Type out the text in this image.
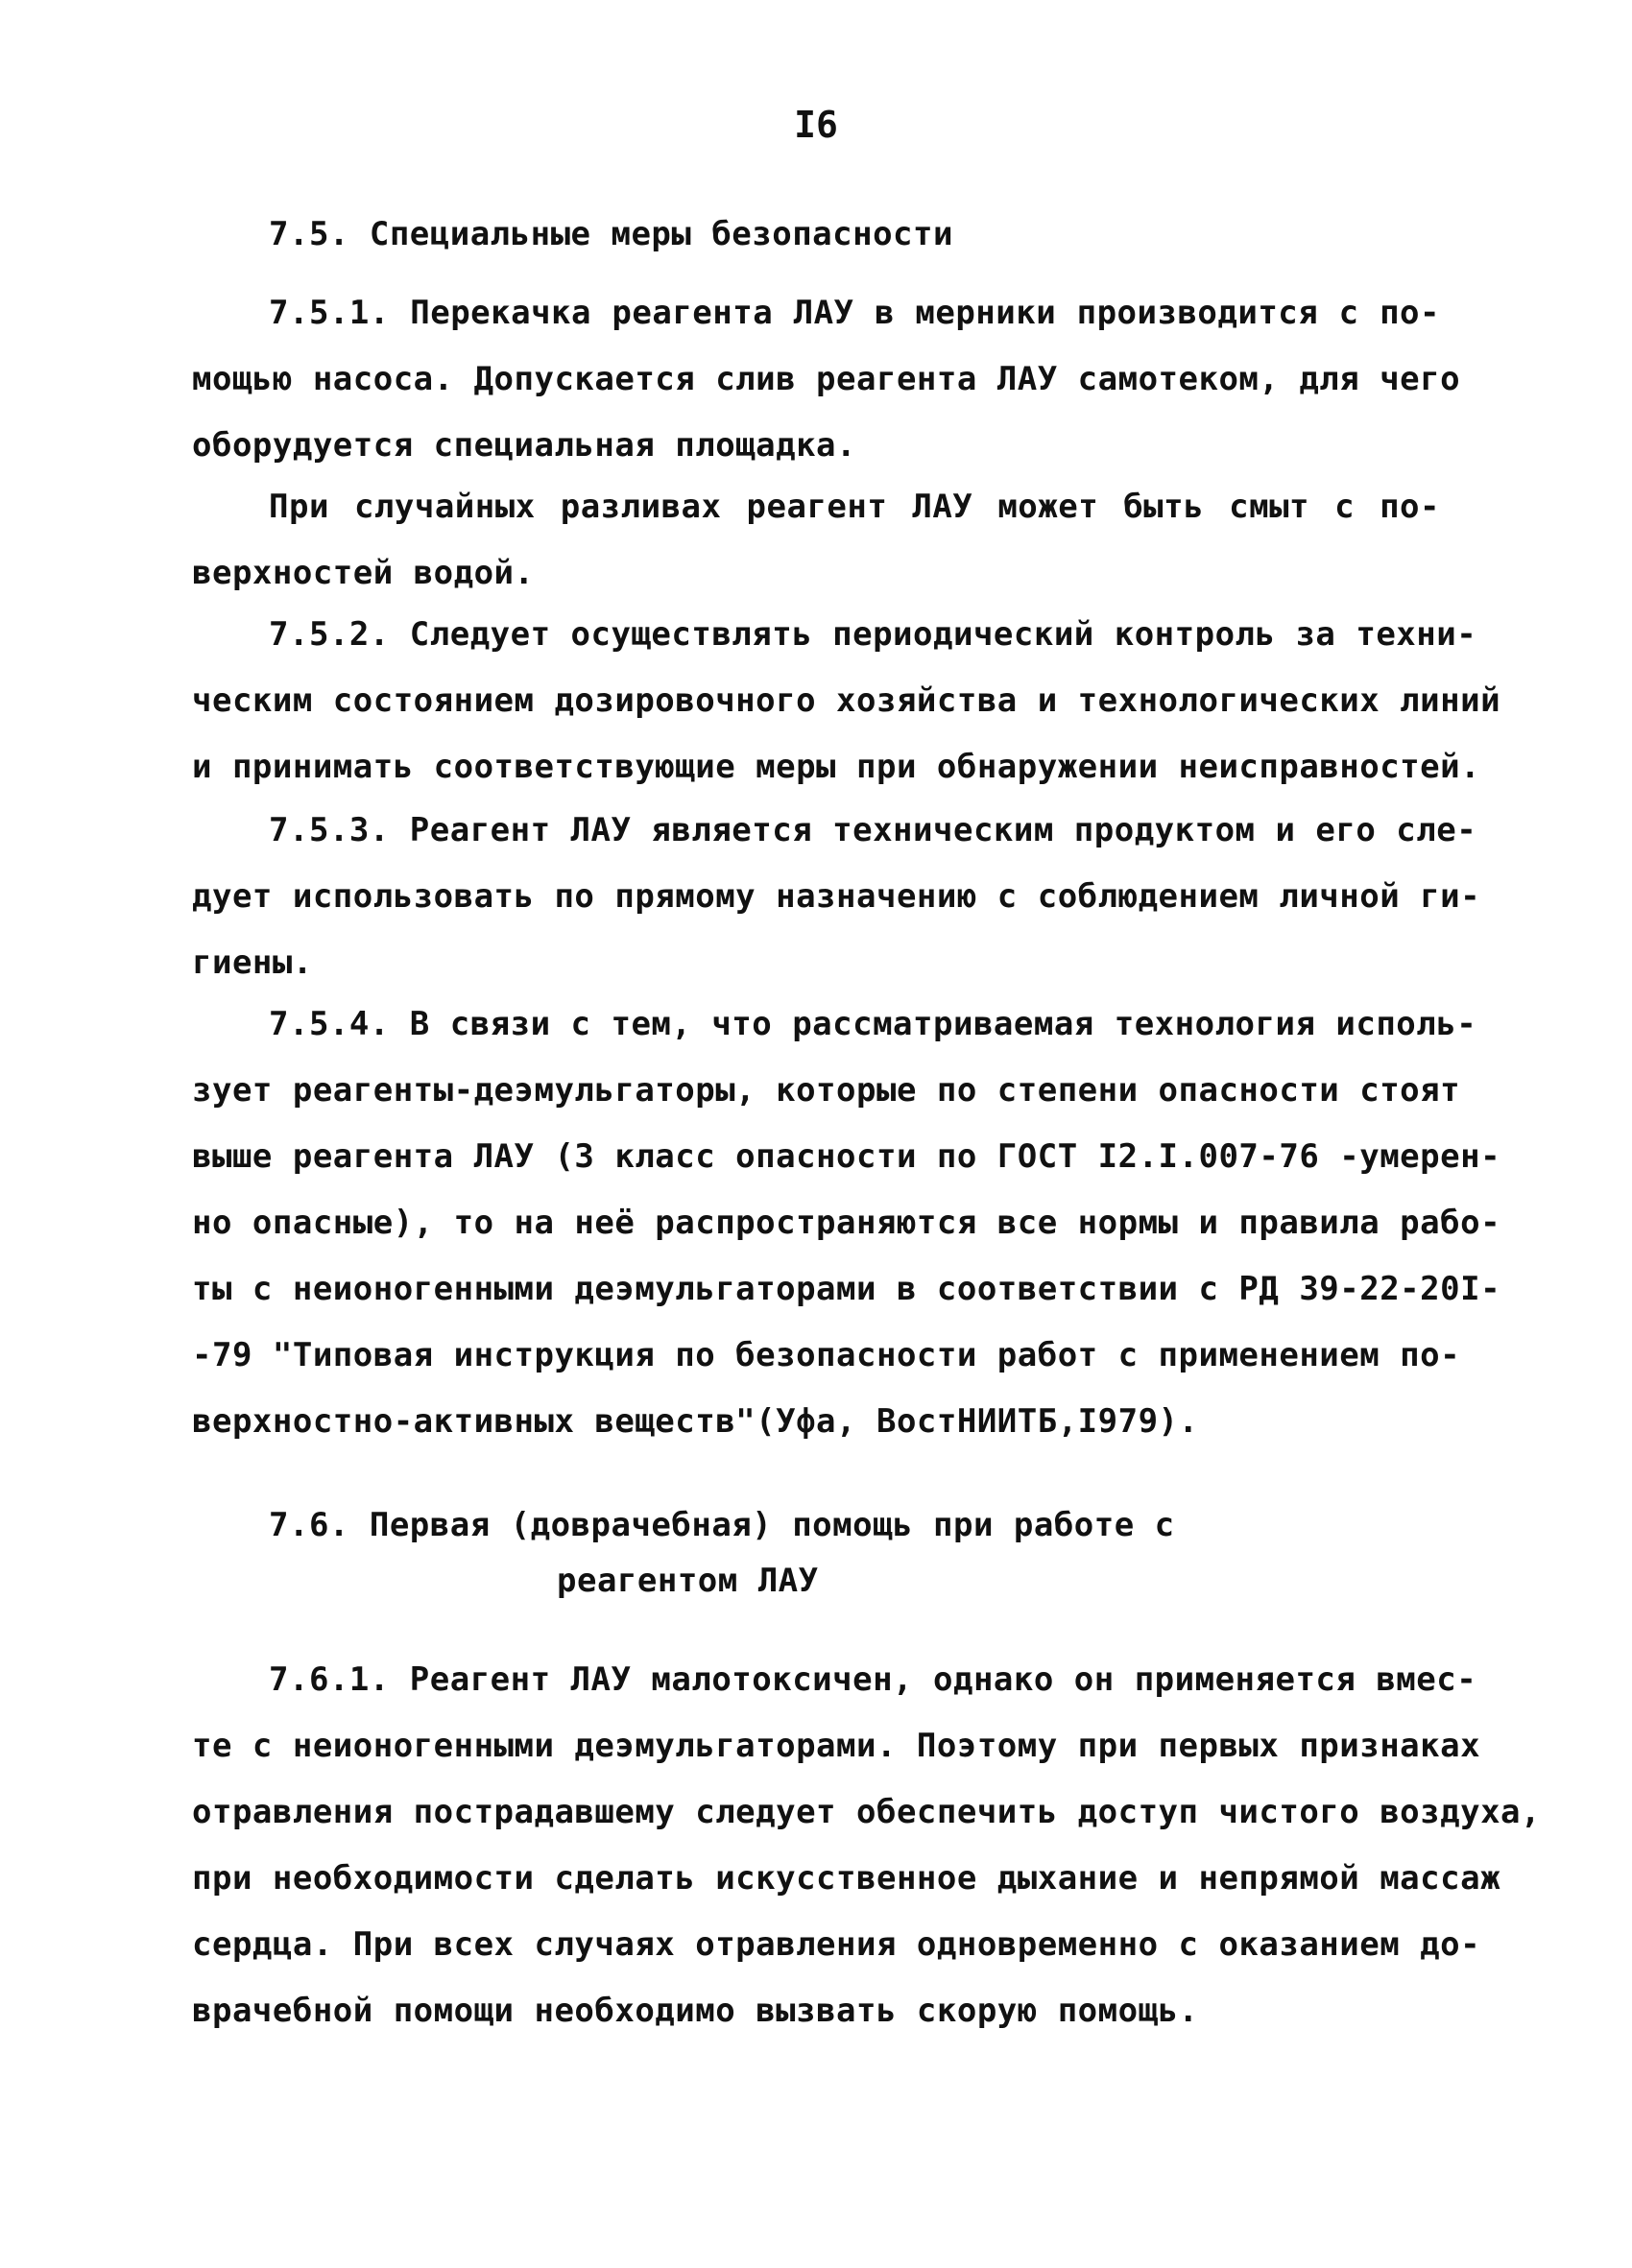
I6
7.5. Специальные меры безопасности
7.5.1. Перекачка реагента ЛАУ в мерники производится с по-
мощью насоса. Допускается слив реагента ЛАУ самотеком, для чего
оборудуется специальная площадка.
При случайных разливах реагент ЛАУ может быть смыт с по-
верхностей водой.
7.5.2. Следует осуществлять периодический контроль за техни-
ческим состоянием дозировочного хозяйства и технологических линий
и принимать соответствующие меры при обнаружении неисправностей.
7.5.3. Реагент ЛАУ является техническим продуктом и его сле-
дует использовать по прямому назначению с соблюдением личной ги-
гиены.
7.5.4. В связи с тем, что рассматриваемая технология исполь-
зует реагенты-деэмульгаторы, которые по степени опасности стоят
выше реагента ЛАУ (3 класс опасности по ГОСТ I2.I.007-76 -умерен-
но опасные), то на неё распространяются все нормы и правила рабо-
ты с неионогенными деэмульгаторами в соответствии с РД 39-22-20I-
-79 "Типовая инструкция по безопасности работ с применением по-
верхностно-активных веществ"(Уфа, ВостНИИТБ,I979).
7.6. Первая (доврачебная) помощь при работе с
реагентом ЛАУ
7.6.1. Реагент ЛАУ малотоксичен, однако он применяется вмес-
те с неионогенными деэмульгаторами. Поэтому при первых признаках
отравления пострадавшему следует обеспечить доступ чистого воздуха,
при необходимости сделать искусственное дыхание и непрямой массаж
сердца. При всех случаях отравления одновременно с оказанием до-
врачебной помощи необходимо вызвать скорую помощь.
